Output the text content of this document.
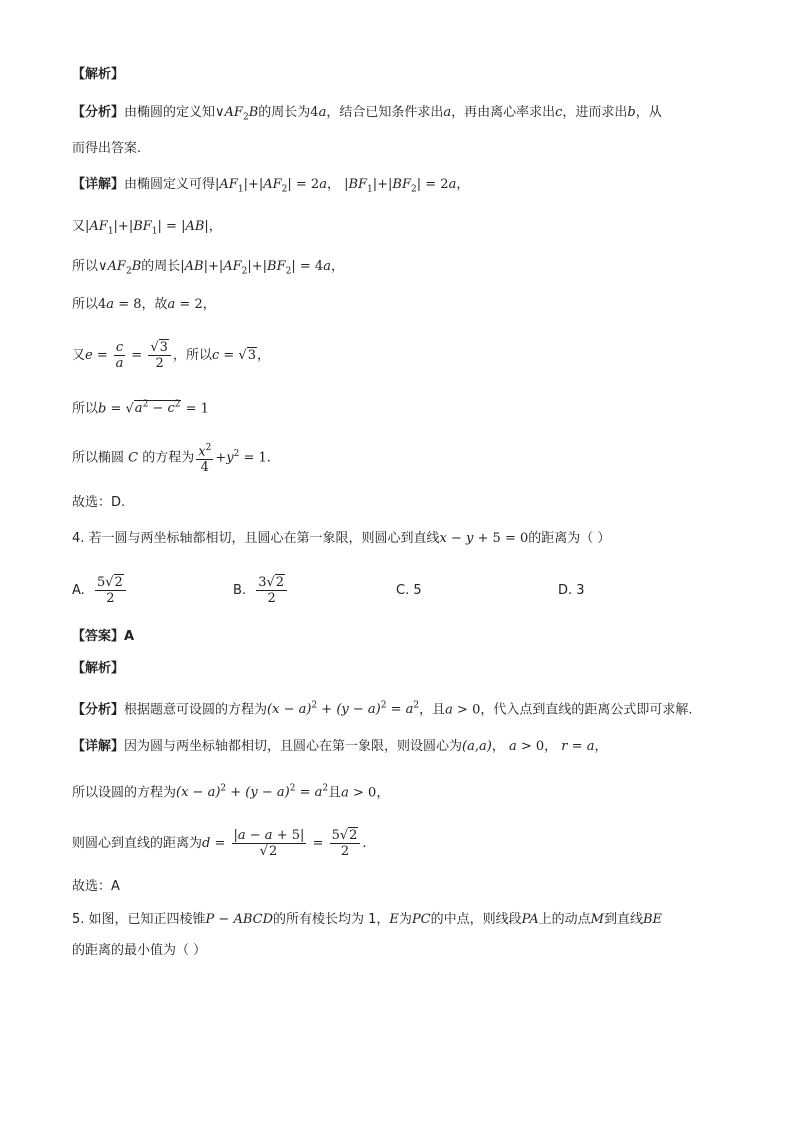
【解析】
【分析】由椭圆的定义知$\vee AF_2B$的周长为4a，结合已知条件求出a，再由离心率求出c，进而求出b，从
而得出答案.
【详解】由椭圆定义可得$|AF_1|+|AF_2| = 2a$， $|BF_1|+|BF_2| = 2a$，
又$|AF_1|+|BF_1| = |AB|$，
所以$\vee AF_2B$的周长$|AB|+|AF_2|+|BF_2| = 4a$，
所以4a = 8，故a = 2，
又$e = \frac{c}{a} = \frac{√3}{2}$ ，所以c = √3，
所以$b = √a^2 - c^2 = 1$
所以椭圆 C 的方程为 $\frac{x^2}{4} +y^2 = 1$.
故选：D.
4. 若一圆与两坐标轴都相切，且圆心在第一象限，则圆心到直线x − y + 5 = 0的距离为（ ）
A. $\frac{5√2}{2}$	B. $\frac{3√2}{2}$	C. 5	D. 3
【答案】A
【解析】
【分析】根据题意可设圆的方程为$(x - a)^2 + (y - a)^2 = a^2$，且a > 0，代入点到直线的距离公式即可求解.
【详解】因为圆与两坐标轴都相切，且圆心在第一象限，则设圆心为(a,a)， a > 0， r = a，
所以设圆的方程为$(x - a)^2 + (y - a)^2 = a^2$且a > 0，
则圆心到直线的距离为$d = \frac{|a - a + 5|}{√2} = \frac{5√2}{2}$ .
故选：A
5. 如图，已知正四棱锥P − ABCD的所有棱长均为 1，E为PC的中点，则线段PA上的动点M到直线BE
的距离的最小值为（ ）
